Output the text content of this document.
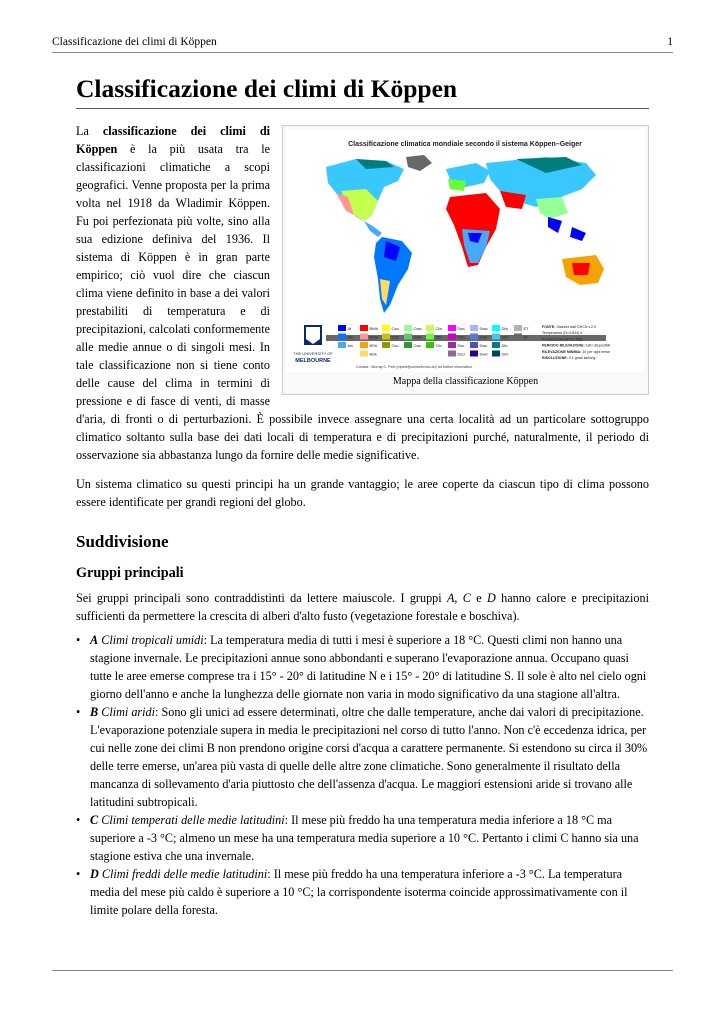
Classificazione dei climi di Köppen	1
Classificazione dei climi di Köppen
Classificazione climatica mondiale secondo il sistema Köppen–Geiger
THE UNIVERSITY OF
MELBOURNE
Af
Am
Aw
BWh
BWk
BSh
BSk
Csa
Csb
Csc
Cwa
Cwb
Cwc
Cfa
Cfb
Cfc
Dsa
Dsb
Dsc
Dsd
Dwa
Dwb
Dwc
Dwd
Dfa
Dfb
Dfc
Dfd
ET
EF
FONTE: Stazioni dati GHCN v.2.0
Temperatura (N=4,844) e
Precipitazioni (N=12,396)
PERIODO RILEVAZIONE: tutti i disponibili
RILEVAZIONE MINIMA: 30 per ogni mese
RISOLUZIONE: 0.1 gradi lat/long
Contact : Murray C. Peel (mpeel@unimelb.edu.au) for further information
Mappa della classificazione Köppen

La classificazione dei climi di Köppen è la più usata tra le classificazioni climatiche a scopi geografici. Venne proposta per la prima volta nel 1918 da Wladimir Köppen. Fu poi perfezionata più volte, sino alla sua edizione definiva del 1936. Il sistema di Köppen è in gran parte empirico; ciò vuol dire che ciascun clima viene definito in base a dei valori prestabiliti di temperatura e di precipitazioni, calcolati conformemente alle medie annue o di singoli mesi. In tale classificazione non si tiene conto delle cause del clima in termini di pressione e di fasce di venti, di masse d'aria, di fronti o di perturbazioni. È possibile invece assegnare una certa località ad un particolare sottogruppo climatico soltanto sulla base dei dati locali di temperatura e di precipitazioni purché, naturalmente, il periodo di osservazione sia abbastanza lungo da fornire delle medie significative.

Un sistema climatico su questi principi ha un grande vantaggio; le aree coperte da ciascun tipo di clima possono essere identificate per grandi regioni del globo.

Suddivisione
Gruppi principali

Sei gruppi principali sono contraddistinti da lettere maiuscole. I gruppi A, C e D hanno calore e precipitazioni sufficienti da permettere la crescita di alberi d'alto fusto (vegetazione forestale e boschiva).

• A Climi tropicali umidi: La temperatura media di tutti i mesi è superiore a 18 °C. Questi climi non hanno una stagione invernale. Le precipitazioni annue sono abbondanti e superano l'evaporazione annua. Occupano quasi tutte le aree emerse comprese tra i 15° - 20° di latitudine N e i 15° - 20° di latitudine S. Il sole è alto nel cielo ogni giorno dell'anno e anche la lunghezza delle giornate non varia in modo significativo da una stagione all'altra.
• B Climi aridi: Sono gli unici ad essere determinati, oltre che dalle temperature, anche dai valori di precipitazione. L'evaporazione potenziale supera in media le precipitazioni nel corso di tutto l'anno. Non c'è eccedenza idrica, per cui nelle zone dei climi B non prendono origine corsi d'acqua a carattere permanente. Si estendono su circa il 30% delle terre emerse, un'area più vasta di quelle delle altre zone climatiche. Sono generalmente il risultato della mancanza di sollevamento d'aria piuttosto che dell'assenza d'acqua. Le maggiori estensioni aride si trovano alle latitudini subtropicali.
• C Climi temperati delle medie latitudini: Il mese più freddo ha una temperatura media inferiore a 18 °C ma superiore a -3 °C; almeno un mese ha una temperatura media superiore a 10 °C. Pertanto i climi C hanno sia una stagione estiva che una invernale.
• D Climi freddi delle medie latitudini: Il mese più freddo ha una temperatura inferiore a -3 °C. La temperatura media del mese più caldo è superiore a 10 °C; la corrispondente isoterma coincide approssimativamente con il limite polare della foresta.
